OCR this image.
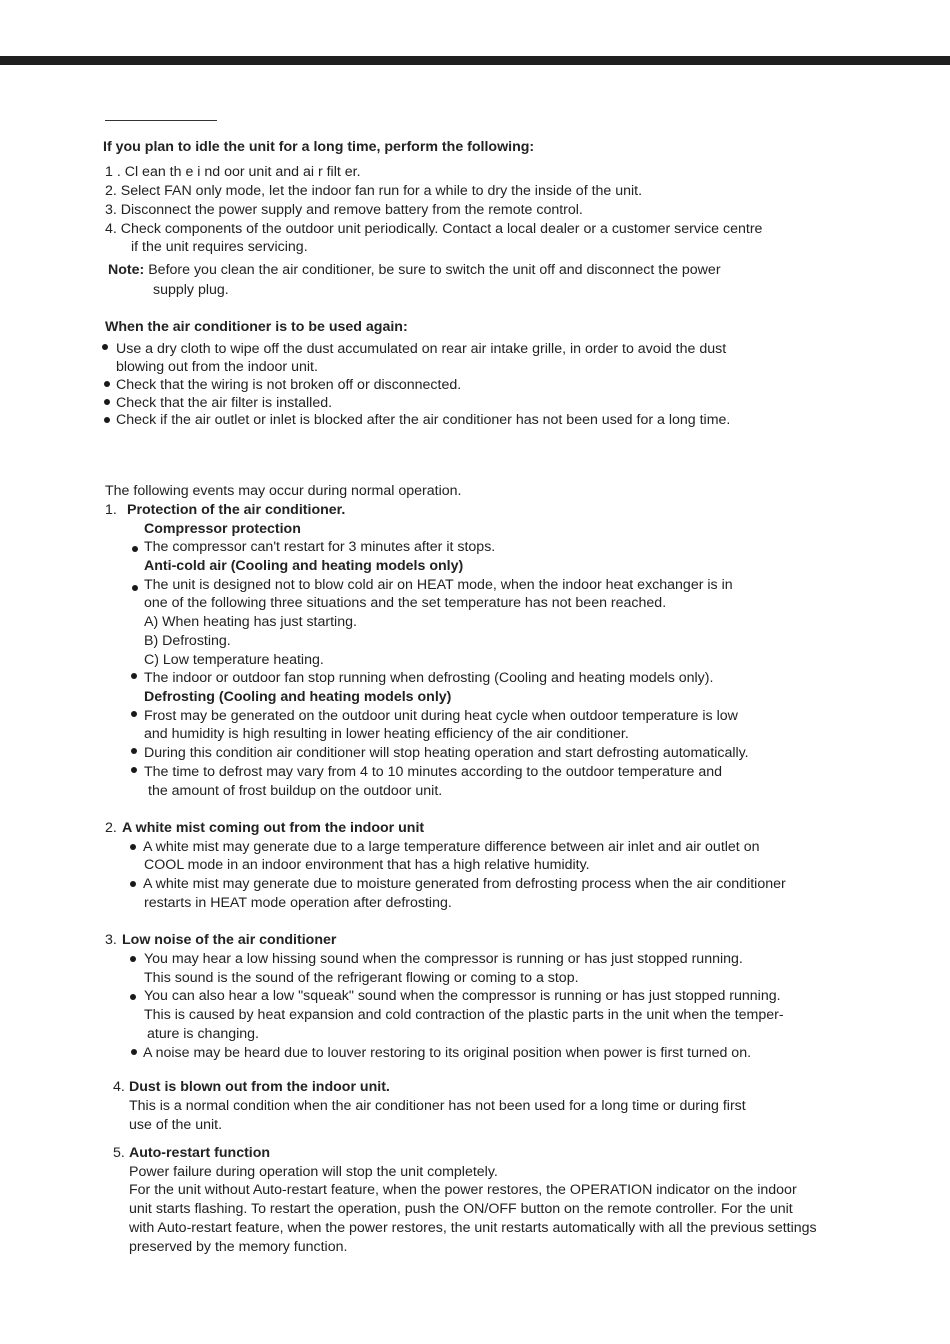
If you plan to idle the unit for a long time, perform the following:
1 . Cl ean th e i nd oor unit and ai r filt er.
2. Select FAN only mode, let the indoor fan run for a while to dry the inside of the unit.
3. Disconnect the power supply and remove battery from the remote control.
4. Check components of the outdoor unit periodically. Contact a local dealer or a customer service centre
if the unit requires servicing.
Note: Before you clean the air conditioner, be sure to switch the unit off and disconnect the power
supply plug.
When the air conditioner is to be used again:
Use a dry cloth to wipe off the dust accumulated on rear air intake grille, in order to avoid the dust
blowing out from the indoor unit.
Check that the wiring is not broken off or disconnected.
Check that the air filter is installed.
Check if the air outlet or inlet is blocked after the air conditioner has not been used for a long time.
The following events may occur during normal operation.
1. Protection of the air conditioner.
Compressor protection
The compressor can't restart for 3 minutes after it stops.
Anti-cold air (Cooling and heating models only)
The unit is designed not to blow cold air on HEAT mode, when the indoor heat exchanger is in
one of the following three situations and the set temperature has not been reached.
A) When heating has just starting.
B) Defrosting.
C) Low temperature heating.
The indoor or outdoor fan stop running when defrosting (Cooling and heating models only).
Defrosting (Cooling and heating models only)
Frost may be generated on the outdoor unit during heat cycle when outdoor temperature is low
and humidity is high resulting in lower heating efficiency of the air conditioner.
During this condition air conditioner will stop heating operation and start defrosting automatically.
The time to defrost may vary from 4 to 10 minutes according to the outdoor temperature and
the amount of frost buildup on the outdoor unit.
2. A white mist coming out from the indoor unit
A white mist may generate due to a large temperature difference between air inlet and air outlet on
COOL mode in an indoor environment that has a high relative humidity.
A white mist may generate due to moisture generated from defrosting process when the air conditioner
restarts in HEAT mode operation after defrosting.
3. Low noise of the air conditioner
You may hear a low hissing sound when the compressor is running or has just stopped running.
This sound is the sound of the refrigerant flowing or coming to a stop.
You can also hear a low "squeak" sound when the compressor is running or has just stopped running.
This is caused by heat expansion and cold contraction of the plastic parts in the unit when the temper-
ature is changing.
A noise may be heard due to louver restoring to its original position when power is first turned on.
4. Dust is blown out from the indoor unit.
This is a normal condition when the air conditioner has not been used for a long time or during first
use of the unit.
5. Auto-restart function
Power failure during operation will stop the unit completely.
For the unit without Auto-restart feature, when the power restores, the OPERATION indicator on the indoor
unit starts flashing. To restart the operation, push the ON/OFF button on the remote controller. For the unit
with Auto-restart feature, when the power restores, the unit restarts automatically with all the previous settings
preserved by the memory function.
